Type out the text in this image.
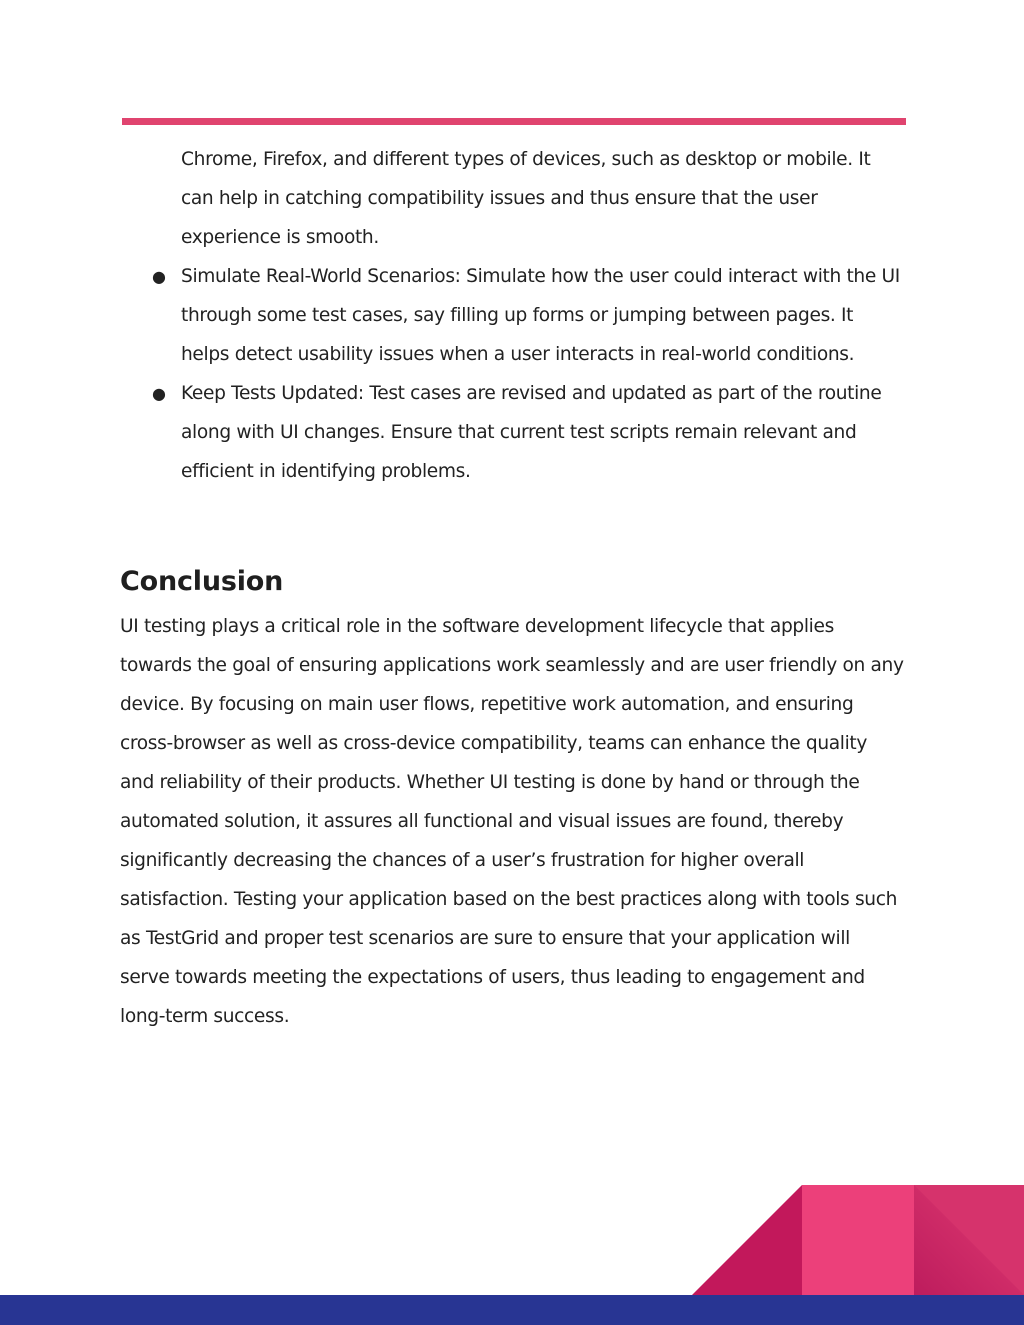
Chrome, Firefox, and different types of devices, such as desktop or mobile. It can help in catching compatibility issues and thus ensure that the user experience is smooth.

● Simulate Real-World Scenarios: Simulate how the user could interact with the UI through some test cases, say filling up forms or jumping between pages. It helps detect usability issues when a user interacts in real-world conditions.
● Keep Tests Updated: Test cases are revised and updated as part of the routine along with UI changes. Ensure that current test scripts remain relevant and efficient in identifying problems.
Conclusion

UI testing plays a critical role in the software development lifecycle that applies towards the goal of ensuring applications work seamlessly and are user friendly on any device. By focusing on main user flows, repetitive work automation, and ensuring cross-browser as well as cross-device compatibility, teams can enhance the quality and reliability of their products. Whether UI testing is done by hand or through the automated solution, it assures all functional and visual issues are found, thereby significantly decreasing the chances of a user’s frustration for higher overall satisfaction. Testing your application based on the best practices along with tools such as TestGrid and proper test scenarios are sure to ensure that your application will serve towards meeting the expectations of users, thus leading to engagement and long-term success.
